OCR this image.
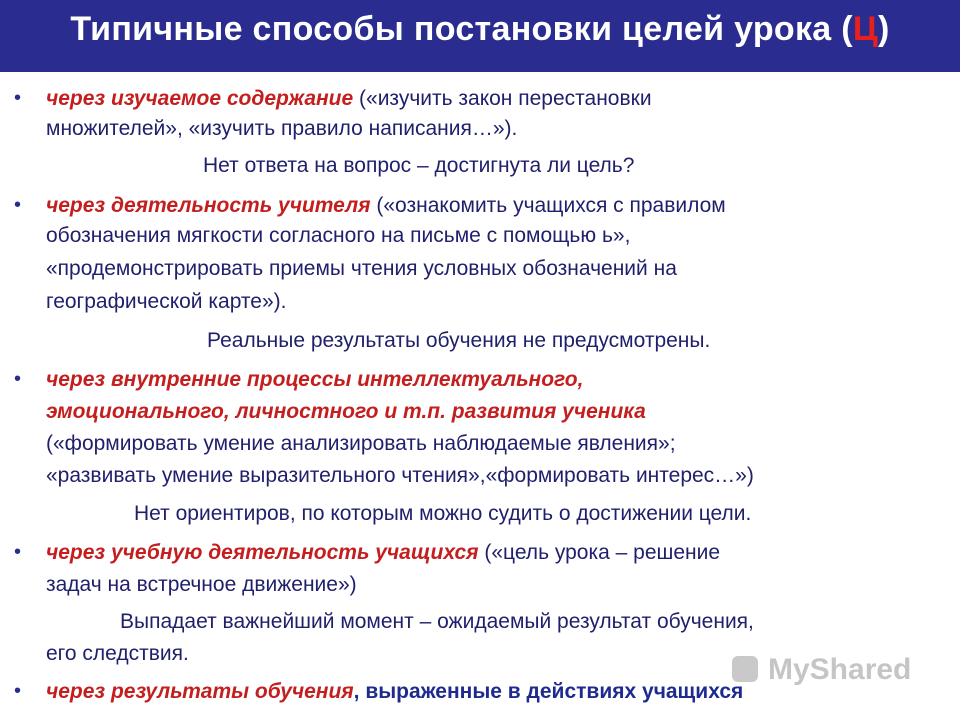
Типичные способы постановки целей урока (Ц)
• через изучаемое содержание («изучить закон перестановки
множителей», «изучить правило написания…»).
Нет ответа на вопрос – достигнута ли цель?
• через деятельность учителя («ознакомить учащихся с правилом
обозначения мягкости согласного на письме с помощью ь»,
«продемонстрировать приемы чтения условных обозначений на
географической карте»).
Реальные результаты обучения не предусмотрены.
• через внутренние процессы интеллектуального,
эмоционального, личностного и т.п. развития ученика
(«формировать умение анализировать наблюдаемые явления»;
«развивать умение выразительного чтения»,«формировать интерес…»)
Нет ориентиров, по которым можно судить о достижении цели.
• через учебную деятельность учащихся («цель урока – решение
задач на встречное движение»)
Выпадает важнейший момент – ожидаемый результат обучения,
его следствия.	MyShared
• через результаты обучения, выраженные в действиях учащихся
